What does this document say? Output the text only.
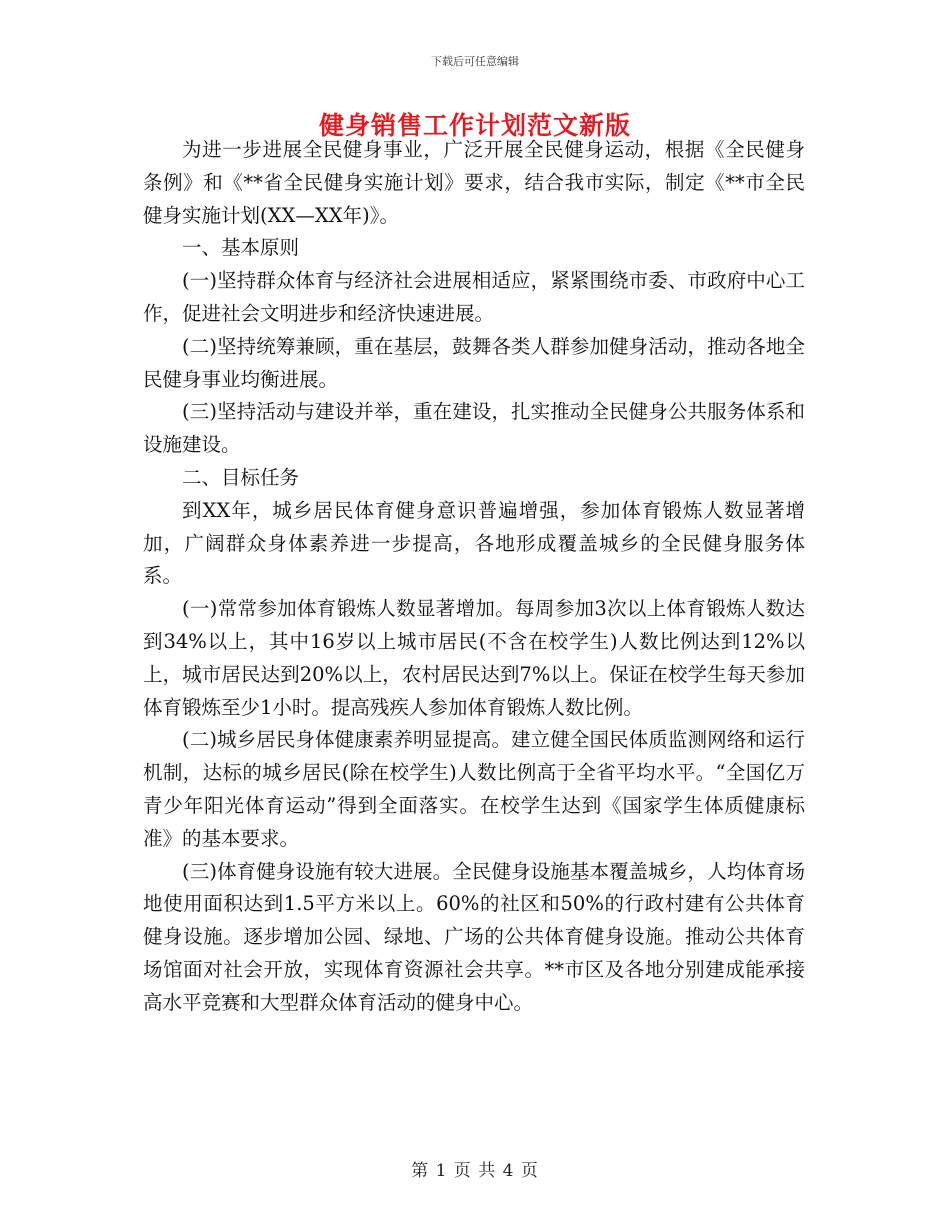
下载后可任意编辑
健身销售工作计划范文新版

为进一步进展全民健身事业，广泛开展全民健身运动，根据《全民健身条例》和《**省全民健身实施计划》要求，结合我市实际，制定《**市全民健身实施计划(XX—XX年)》。

一、基本原则

(一)坚持群众体育与经济社会进展相适应，紧紧围绕市委、市政府中心工作，促进社会文明进步和经济快速进展。

(二)坚持统筹兼顾，重在基层，鼓舞各类人群参加健身活动，推动各地全民健身事业均衡进展。

(三)坚持活动与建设并举，重在建设，扎实推动全民健身公共服务体系和设施建设。

二、目标任务

到XX年，城乡居民体育健身意识普遍增强，参加体育锻炼人数显著增加，广阔群众身体素养进一步提高，各地形成覆盖城乡的全民健身服务体系。

(一)常常参加体育锻炼人数显著增加。每周参加3次以上体育锻炼人数达到34%以上，其中16岁以上城市居民(不含在校学生)人数比例达到12%以上，城市居民达到20%以上，农村居民达到7%以上。保证在校学生每天参加体育锻炼至少1小时。提高残疾人参加体育锻炼人数比例。

(二)城乡居民身体健康素养明显提高。建立健全国民体质监测网络和运行机制，达标的城乡居民(除在校学生)人数比例高于全省平均水平。“全国亿万青少年阳光体育运动”得到全面落实。在校学生达到《国家学生体质健康标准》的基本要求。

(三)体育健身设施有较大进展。全民健身设施基本覆盖城乡，人均体育场地使用面积达到1.5平方米以上。60%的社区和50%的行政村建有公共体育健身设施。逐步增加公园、绿地、广场的公共体育健身设施。推动公共体育场馆面对社会开放，实现体育资源社会共享。**市区及各地分别建成能承接高水平竞赛和大型群众体育活动的健身中心。

第 1 页 共 4 页
